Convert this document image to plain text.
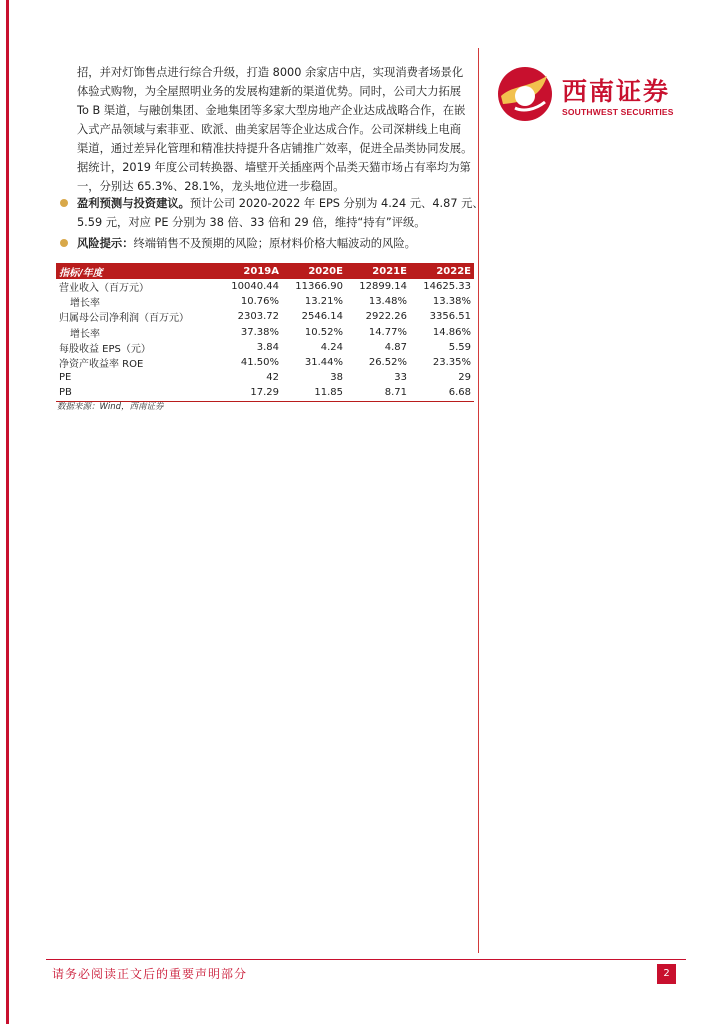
西南证券
SOUTHWEST SECURITIES
招，并对灯饰售点进行综合升级，打造 8000 余家店中店，实现消费者场景化
体验式购物，为全屋照明业务的发展构建新的渠道优势。同时，公司大力拓展
To B 渠道，与融创集团、金地集团等多家大型房地产企业达成战略合作，在嵌
入式产品领域与索菲亚、欧派、曲美家居等企业达成合作。公司深耕线上电商
渠道，通过差异化管理和精准扶持提升各店铺推广效率，促进全品类协同发展。
据统计，2019 年度公司转换器、墙壁开关插座两个品类天猫市场占有率均为第
一，分别达 65.3%、28.1%，龙头地位进一步稳固。
盈利预测与投资建议。预计公司 2020-2022 年 EPS 分别为 4.24 元、4.87 元、
5.59 元，对应 PE 分别为 38 倍、33 倍和 29 倍，维持“持有”评级。
风险提示：终端销售不及预期的风险；原材料价格大幅波动的风险。
指标/年度	2019A	2020E	2021E	2022E
营业收入（百万元）	10040.44	11366.90	12899.14	14625.33
增长率	10.76%	13.21%	13.48%	13.38%
归属母公司净利润（百万元）	2303.72	2546.14	2922.26	3356.51
增长率	37.38%	10.52%	14.77%	14.86%
每股收益 EPS（元）	3.84	4.24	4.87	5.59
净资产收益率 ROE	41.50%	31.44%	26.52%	23.35%
PE	42	38	33	29
PB	17.29	11.85	8.71	6.68
数据来源：Wind，西南证券
请务必阅读正文后的重要声明部分	2
